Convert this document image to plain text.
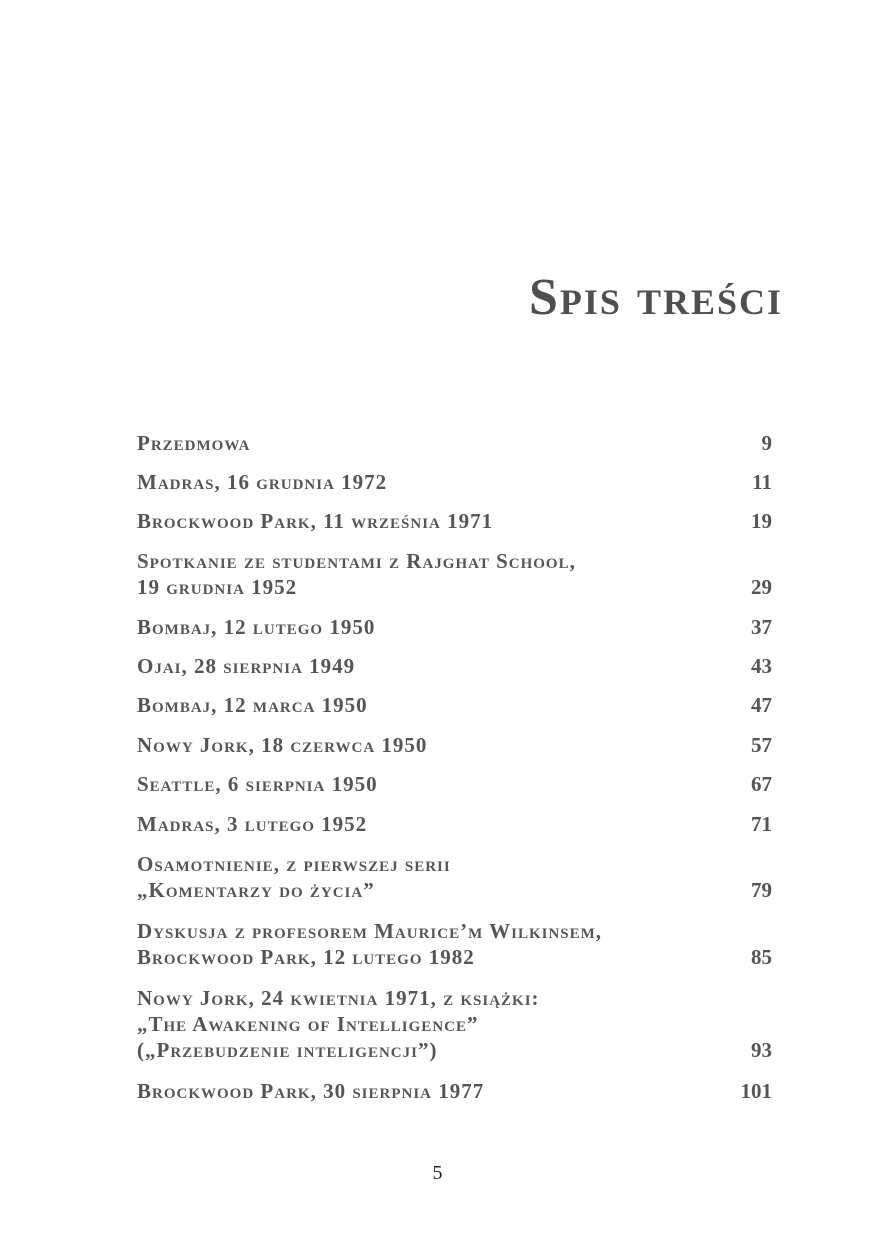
Spis treści
Przedmowa	9
Madras, 16 grudnia 1972	11
Brockwood Park, 11 września 1971	19
Spotkanie ze studentami z Rajghat School,
19 grudnia 1952	29
Bombaj, 12 lutego 1950	37
Ojai, 28 sierpnia 1949	43
Bombaj, 12 marca 1950	47
Nowy Jork, 18 czerwca 1950	57
Seattle, 6 sierpnia 1950	67
Madras, 3 lutego 1952	71
Osamotnienie, z pierwszej serii
„Komentarzy do życia”	79
Dyskusja z profesorem Maurice’m Wilkinsem,
Brockwood Park, 12 lutego 1982	85
Nowy Jork, 24 kwietnia 1971, z książki:
„The Awakening of Intelligence”
(„Przebudzenie inteligencji”)	93
Brockwood Park, 30 sierpnia 1977	101
5
